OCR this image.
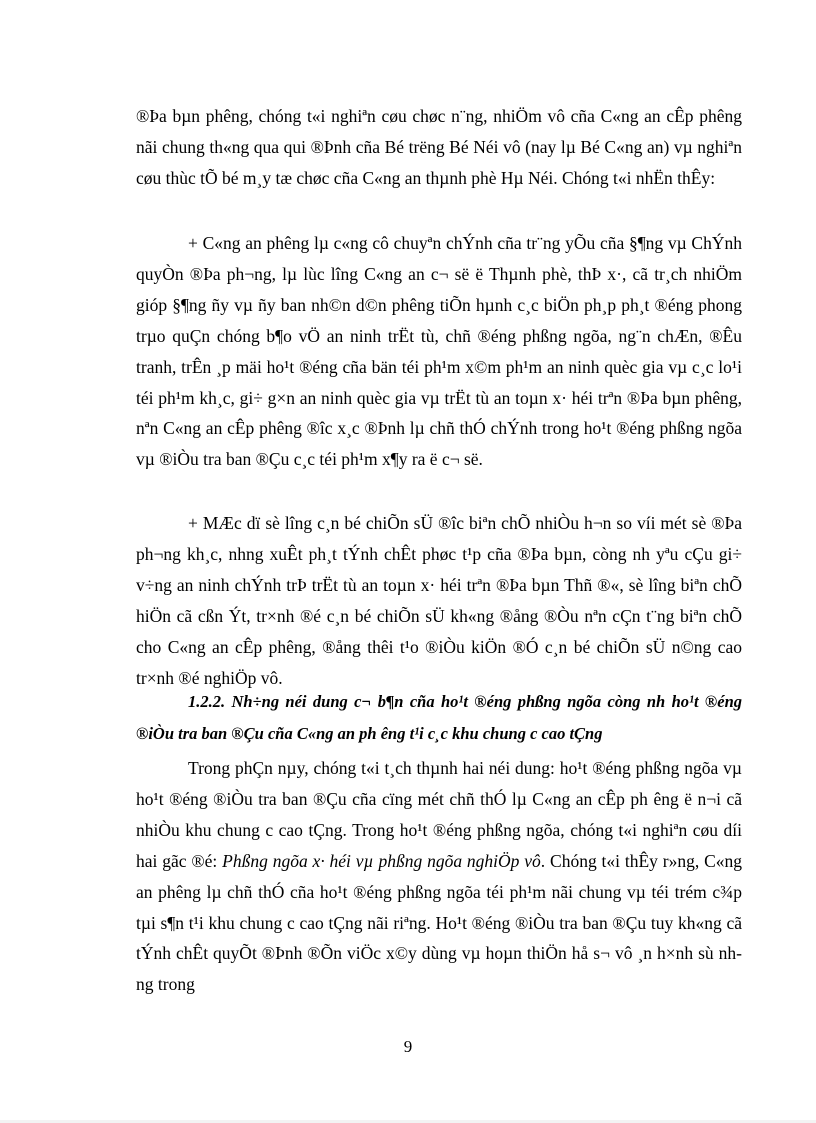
®Þa bµn phêng, chóng t«i nghiªn cøu chøc n¨ng, nhiÖm vô cña C«ng an cÊp phêng nãi chung th«ng qua qui ®Þnh cña Bé trëng Bé Néi vô (nay lµ Bé C«ng an) vµ nghiªn cøu thùc tÕ bé m¸y tæ chøc cña C«ng an thµnh phè Hµ Néi. Chóng t«i nhËn thÊy:

+ C«ng an phêng lµ c«ng cô chuyªn chÝnh cña tr¨ng yÕu cña §¶ng vµ ChÝnh quyÒn ®Þa ph¬ng, lµ lùc lîng C«ng an c¬ së ë Thµnh phè, thÞ x·, cã tr¸ch nhiÖm gióp §¶ng ñy vµ ñy ban nh©n d©n phêng tiÕn hµnh c¸c biÖn ph¸p ph¸t ®éng phong trµo quÇn chóng b¶o vÖ an ninh trËt tù, chñ ®éng phßng ngõa, ng¨n chÆn, ®Êu tranh, trÊn ¸p mäi ho¹t ®éng cña bän téi ph¹m x©m ph¹m an ninh quèc gia vµ c¸c lo¹i téi ph¹m kh¸c, gi÷ g×n an ninh quèc gia vµ trËt tù an toµn x· héi trªn ®Þa bµn phêng, nªn C«ng an cÊp phêng ®îc x¸c ®Þnh lµ chñ thÓ chÝnh trong ho¹t ®éng phßng ngõa vµ ®iÒu tra ban ®Çu c¸c téi ph¹m x¶y ra ë c¬ së.

+ MÆc dï sè lîng c¸n bé chiÕn sÜ ®îc biªn chÕ nhiÒu h¬n so víi mét sè ®Þa ph¬ng kh¸c, nhng xuÊt ph¸t tÝnh chÊt phøc t¹p cña ®Þa bµn, còng nh yªu cÇu gi÷ v÷ng an ninh chÝnh trÞ trËt tù an toµn x· héi trªn ®Þa bµn Thñ ®«, sè lîng biªn chÕ hiÖn cã cßn Ýt, tr×nh ®é c¸n bé chiÕn sÜ kh«ng ®ång ®Òu nªn cÇn t¨ng biªn chÕ cho C«ng an cÊp phêng, ®ång thêi t¹o ®iÒu kiÖn ®Ó c¸n bé chiÕn sÜ n©ng cao tr×nh ®é nghiÖp vô.

1.2.2. Nh÷ng néi dung c¬ b¶n cña ho¹t ®éng phßng ngõa còng nh ho¹t ®éng ®iÒu tra ban ®Çu cña C«ng an ph êng t¹i c¸c khu chung c cao tÇng

Trong phÇn nµy, chóng t«i t¸ch thµnh hai néi dung: ho¹t ®éng phßng ngõa vµ ho¹t ®éng ®iÒu tra ban ®Çu cña cïng mét chñ thÓ lµ C«ng an cÊp ph êng ë n¬i cã nhiÒu khu chung c cao tÇng. Trong ho¹t ®éng phßng ngõa, chóng t«i nghiªn cøu díi hai gãc ®é: Phßng ngõa x· héi vµ phßng ngõa nghiÖp vô. Chóng t«i thÊy r»ng, C«ng an phêng lµ chñ thÓ cña ho¹t ®éng phßng ngõa téi ph¹m nãi chung vµ téi trém c¾p tµi s¶n t¹i khu chung c cao tÇng nãi riªng. Ho¹t ®éng ®iÒu tra ban ®Çu tuy kh«ng cã tÝnh chÊt quyÕt ®Þnh ®Õn viÖc x©y dùng vµ hoµn thiÖn hå s¬ vô ¸n h×nh sù nhng trong

9
